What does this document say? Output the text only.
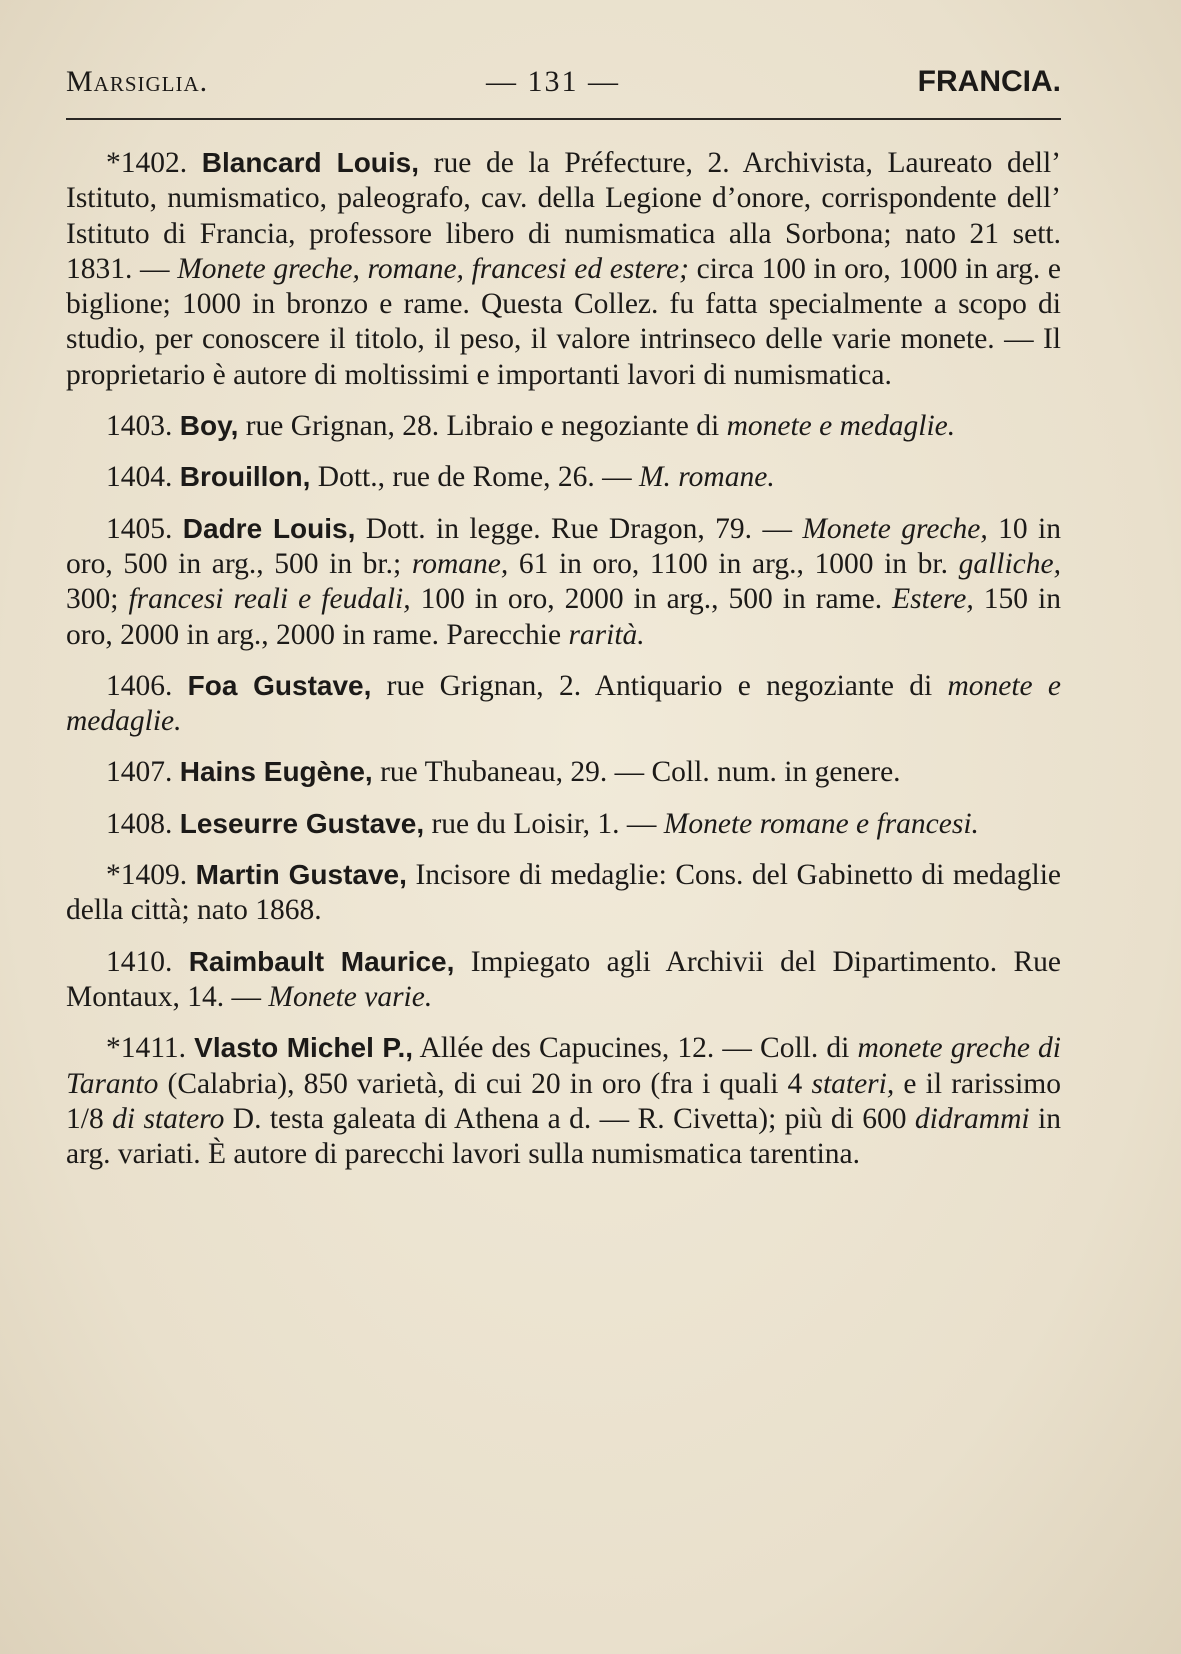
Marsiglia.	— 131 —	FRANCIA.

*1402. Blancard Louis, rue de la Préfecture, 2. Archivista, Laureato dell’ Istituto, numismatico, paleografo, cav. della Legione d’onore, corrispondente dell’ Istituto di Francia, professore libero di numismatica alla Sorbona; nato 21 sett. 1831. — Monete greche, romane, francesi ed estere; circa 100 in oro, 1000 in arg. e biglione; 1000 in bronzo e rame. Questa Collez. fu fatta specialmente a scopo di studio, per conoscere il titolo, il peso, il valore intrinseco delle varie monete. — Il proprietario è autore di moltissimi e importanti lavori di numismatica.

1403. Boy, rue Grignan, 28. Libraio e negoziante di monete e medaglie.

1404. Brouillon, Dott., rue de Rome, 26. — M. romane.

1405. Dadre Louis, Dott. in legge. Rue Dragon, 79. — Monete greche, 10 in oro, 500 in arg., 500 in br.; romane, 61 in oro, 1100 in arg., 1000 in br. galliche, 300; francesi reali e feudali, 100 in oro, 2000 in arg., 500 in rame. Estere, 150 in oro, 2000 in arg., 2000 in rame. Parecchie rarità.

1406. Foa Gustave, rue Grignan, 2. Antiquario e negoziante di monete e medaglie.

1407. Hains Eugène, rue Thubaneau, 29. — Coll. num. in genere.

1408. Leseurre Gustave, rue du Loisir, 1. — Monete romane e francesi.

*1409. Martin Gustave, Incisore di medaglie: Cons. del Gabinetto di medaglie della città; nato 1868.

1410. Raimbault Maurice, Impiegato agli Archivii del Dipartimento. Rue Montaux, 14. — Monete varie.

*1411. Vlasto Michel P., Allée des Capucines, 12. — Coll. di monete greche di Taranto (Calabria), 850 varietà, di cui 20 in oro (fra i quali 4 stateri, e il rarissimo 1/8 di statero D. testa galeata di Athena a d. — R. Civetta); più di 600 didrammi in arg. variati. È autore di parecchi lavori sulla numismatica tarentina.
